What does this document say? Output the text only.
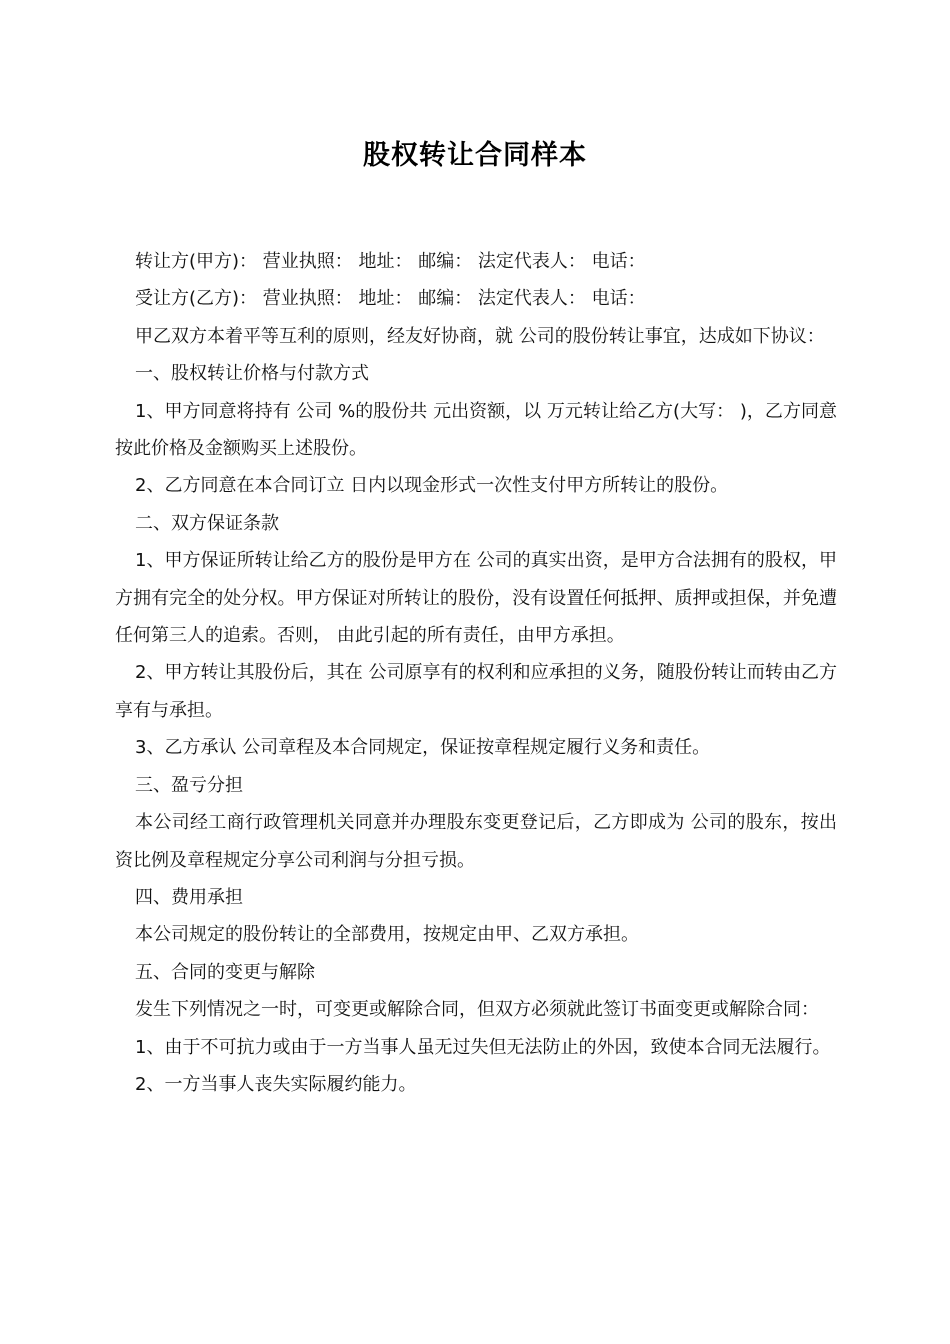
股权转让合同样本

转让方(甲方)： 营业执照： 地址： 邮编： 法定代表人： 电话：

受让方(乙方)： 营业执照： 地址： 邮编： 法定代表人： 电话：

甲乙双方本着平等互利的原则，经友好协商，就 公司的股份转让事宜，达成如下协议：

一、股权转让价格与付款方式

1、甲方同意将持有 公司 %的股份共 元出资额，以 万元转让给乙方(大写： )，乙方同意按此价格及金额购买上述股份。

2、乙方同意在本合同订立 日内以现金形式一次性支付甲方所转让的股份。

二、双方保证条款

1、甲方保证所转让给乙方的股份是甲方在 公司的真实出资，是甲方合法拥有的股权，甲方拥有完全的处分权。甲方保证对所转让的股份，没有设置任何抵押、质押或担保，并免遭任何第三人的追索。否则， 由此引起的所有责任，由甲方承担。

2、甲方转让其股份后，其在 公司原享有的权利和应承担的义务，随股份转让而转由乙方享有与承担。

3、乙方承认 公司章程及本合同规定，保证按章程规定履行义务和责任。

三、盈亏分担

本公司经工商行政管理机关同意并办理股东变更登记后，乙方即成为 公司的股东，按出资比例及章程规定分享公司利润与分担亏损。

四、费用承担

本公司规定的股份转让的全部费用，按规定由甲、乙双方承担。

五、合同的变更与解除

发生下列情况之一时，可变更或解除合同，但双方必须就此签订书面变更或解除合同：

1、由于不可抗力或由于一方当事人虽无过失但无法防止的外因，致使本合同无法履行。

2、一方当事人丧失实际履约能力。
